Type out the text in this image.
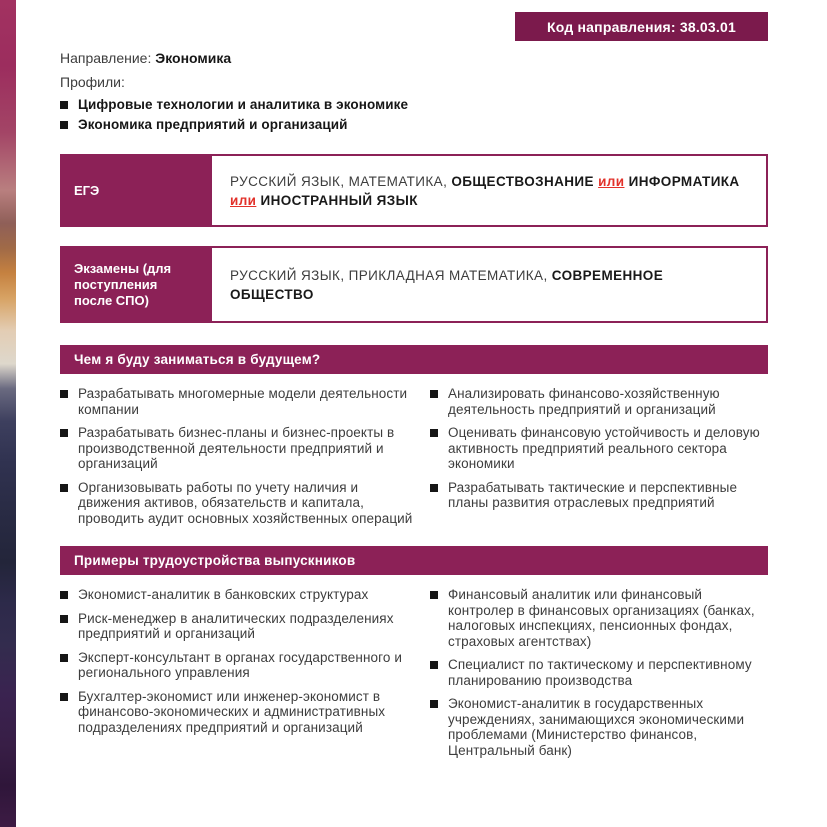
Код направления: 38.03.01
Направление: Экономика
Профили:
Цифровые технологии и аналитика в экономике
Экономика предприятий и организаций
ЕГЭ
РУССКИЙ ЯЗЫК, МАТЕМАТИКА, ОБЩЕСТВОЗНАНИЕ или ИНФОРМАТИКА или ИНОСТРАННЫЙ ЯЗЫК
Экзамены (для поступления после СПО)
РУССКИЙ ЯЗЫК, ПРИКЛАДНАЯ МАТЕМАТИКА, СОВРЕМЕННОЕ ОБЩЕСТВО
Чем я буду заниматься в будущем?
Разрабатывать многомерные модели деятельности компании
Разрабатывать бизнес-планы и бизнес-проекты в производственной деятельности предприятий и организаций
Организовывать работы по учету наличия и движения активов, обязательств и капитала, проводить аудит основных хозяйственных операций
Анализировать финансово-хозяйственную деятельность предприятий и организаций
Оценивать финансовую устойчивость и деловую активность предприятий реального сектора экономики
Разрабатывать тактические и перспективные планы развития отраслевых предприятий
Примеры трудоустройства выпускников
Экономист-аналитик в банковских структурах
Риск-менеджер в аналитических подразделениях предприятий и организаций
Эксперт-консультант в органах государственного и регионального управления
Бухгалтер-экономист или инженер-экономист в финансово-экономических и административных подразделениях предприятий и организаций
Финансовый аналитик или финансовый контролер в финансовых организациях (банках, налоговых инспекциях, пенсионных фондах, страховых агентствах)
Специалист по тактическому и перспективному планированию производства
Экономист-аналитик в государственных учреждениях, занимающихся экономическими проблемами (Министерство финансов, Центральный банк)
